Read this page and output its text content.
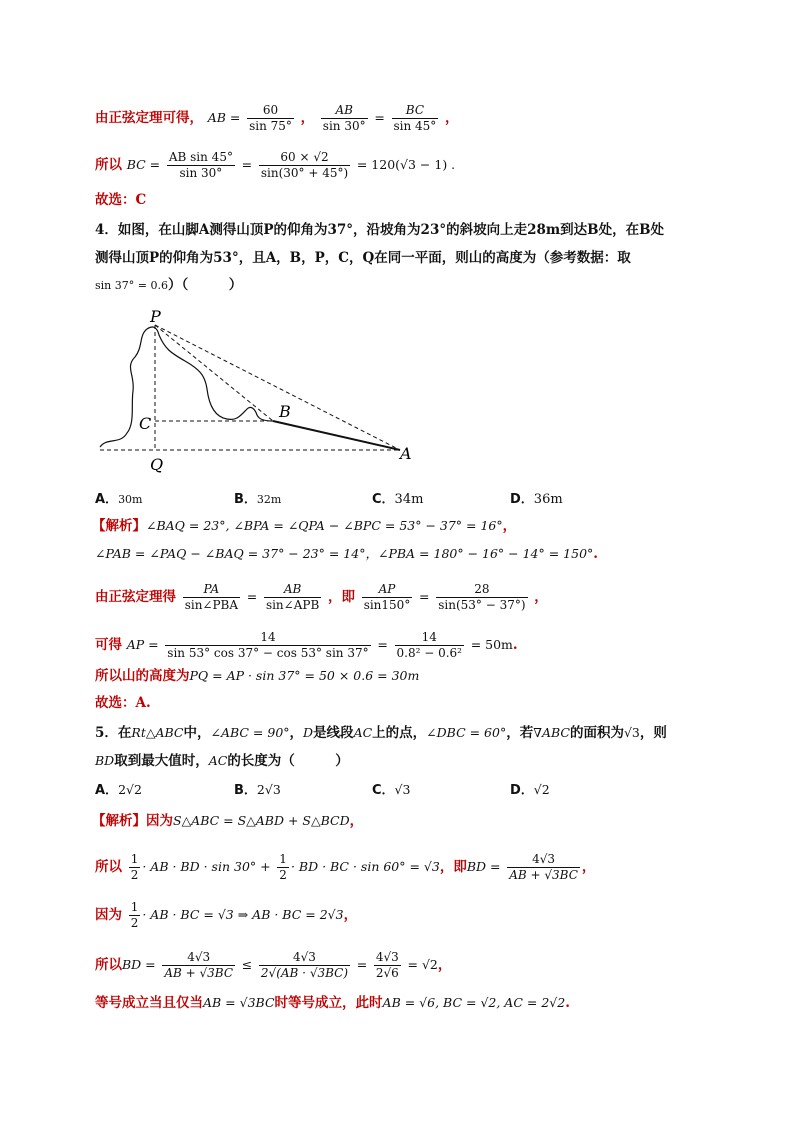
由正弦定理可得， AB = $\frac{60}{\sin 75^\circ}$ ， $\frac{AB}{\sin 30^\circ} = \frac{BC}{\sin 45^\circ}$ ，
所以 BC = $\frac{\text{AB sin 45°}}{\sin 30^\circ} = \frac{60 \times √2}{\sin(30^\circ + 45^\circ)} = 120(√3 - 1)$ .
故选：C
4．如图，在山脚A测得山顶P的仰角为37°，沿坡角为23°的斜坡向上走28m到达B处，在B处
测得山顶P的仰角为53°，且A，B，P，C，Q在同一平面，则山的高度为（参考数据：取
sin 37° = 0.6）（　　　）
P
B
C
Q
A
A．30m	B．32m	C．34m	D．36m
【解析】∠BAQ = 23°, ∠BPA = ∠QPA − ∠BPC = 53° − 37° = 16°，
∠PAB = ∠PAQ − ∠BAQ = 37° − 23° = 14°，∠PBA = 180° − 16° − 14° = 150°.
由正弦定理得 $\frac{PA}{\text{sin∠PBA}} = \frac{AB}{\text{sin∠APB}}$ ，即 $\frac{AP}{\sin 150^\circ} = \frac{28}{\sin(53^\circ - 37^\circ)}$ ，
可得 AP = $\frac{14}{\sin 53^\circ \cos 37^\circ - \cos 53^\circ \sin 37^\circ} = \frac{14}{\text{0.8² − 0.6²}} = 50m$.
所以山的高度为PQ = AP · sin 37° = 50 × 0.6 = 30m
故选：A.
5．在Rt△ABC中，∠ABC = 90°，D是线段AC上的点，∠DBC = 60°，若∇ABC的面积为√3，则
BD取到最大值时，AC的长度为（　　　）
A．2√2	B．2√3	C．√3	D．√2
【解析】因为S△ABC = S△ABD + S△BCD，
所以 $\frac{1}{2}$ · AB · BD · $\sin 30^\circ + \frac{1}{2}$ · BD · BC · sin 60° = √3，即BD = $\frac{4√3}{AB + √3BC}$ ，
因为 $\frac{1}{2}$ · AB · BC = √3 ⇒ AB · BC = 2√3，
所以BD = $\frac{4√3}{AB + √3BC} \le \frac{4√3}{2√(AB \cdot √3BC)} = \frac{4√3}{2√6} = √2$，
等号成立当且仅当AB = √3BC时等号成立，此时AB = √6, BC = √2, AC = 2√2.
